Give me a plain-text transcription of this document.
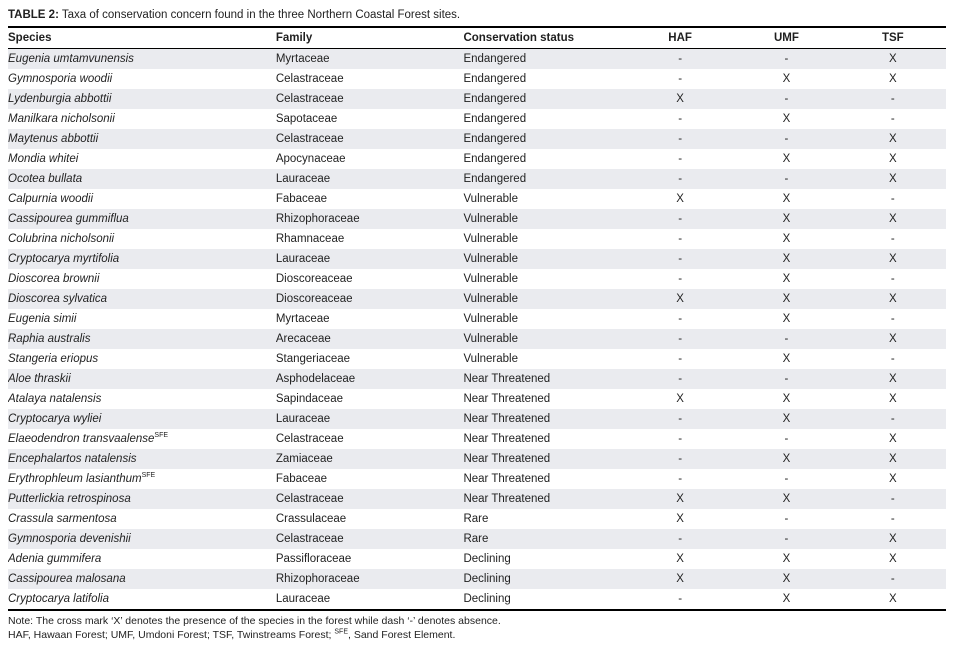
TABLE 2: Taxa of conservation concern found in the three Northern Coastal Forest sites.
Species	Family	Conservation status	HAF	UMF	TSF
Eugenia umtamvunensis	Myrtaceae	Endangered	-	-	X
Gymnosporia woodii	Celastraceae	Endangered	-	X	X
Lydenburgia abbottii	Celastraceae	Endangered	X	-	-
Manilkara nicholsonii	Sapotaceae	Endangered	-	X	-
Maytenus abbottii	Celastraceae	Endangered	-	-	X
Mondia whitei	Apocynaceae	Endangered	-	X	X
Ocotea bullata	Lauraceae	Endangered	-	-	X
Calpurnia woodii	Fabaceae	Vulnerable	X	X	-
Cassipourea gummiflua	Rhizophoraceae	Vulnerable	-	X	X
Colubrina nicholsonii	Rhamnaceae	Vulnerable	-	X	-
Cryptocarya myrtifolia	Lauraceae	Vulnerable	-	X	X
Dioscorea brownii	Dioscoreaceae	Vulnerable	-	X	-
Dioscorea sylvatica	Dioscoreaceae	Vulnerable	X	X	X
Eugenia simii	Myrtaceae	Vulnerable	-	X	-
Raphia australis	Arecaceae	Vulnerable	-	-	X
Stangeria eriopus	Stangeriaceae	Vulnerable	-	X	-
Aloe thraskii	Asphodelaceae	Near Threatened	-	-	X
Atalaya natalensis	Sapindaceae	Near Threatened	X	X	X
Cryptocarya wyliei	Lauraceae	Near Threatened	-	X	-
Elaeodendron transvaalense$^{SFE}$	Celastraceae	Near Threatened	-	-	X
Encephalartos natalensis	Zamiaceae	Near Threatened	-	X	X
Erythrophleum lasianthum$^{SFE}$	Fabaceae	Near Threatened	-	-	X
Putterlickia retrospinosa	Celastraceae	Near Threatened	X	X	-
Crassula sarmentosa	Crassulaceae	Rare	X	-	-
Gymnosporia devenishii	Celastraceae	Rare	-	-	X
Adenia gummifera	Passifloraceae	Declining	X	X	X
Cassipourea malosana	Rhizophoraceae	Declining	X	X	-
Cryptocarya latifolia	Lauraceae	Declining	-	X	X

Note: The cross mark ‘X’ denotes the presence of the species in the forest while dash ‘-’ denotes absence.

HAF, Hawaan Forest; UMF, Umdoni Forest; TSF, Twinstreams Forest; $^{SFE}$, Sand Forest Element.
